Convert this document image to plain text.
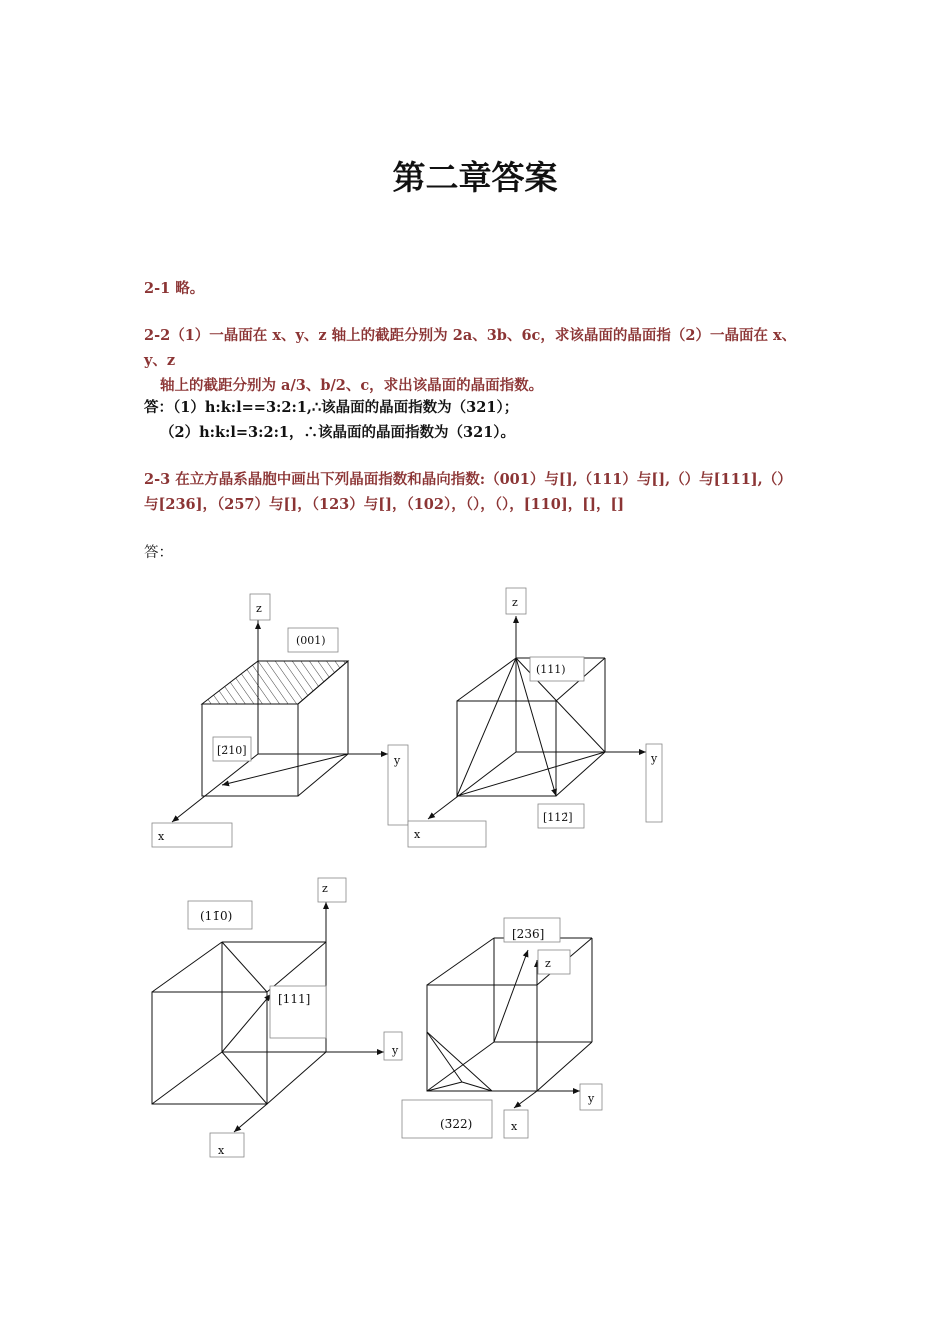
第二章答案

2-1 略。

2-2（1）一晶面在 x、y、z 轴上的截距分别为 2a、3b、6c，求该晶面的晶面指（2）一晶面在 x、y、z
轴上的截距分别为 a/3、b/2、c，求出该晶面的晶面指数。
答：（1）h:k:l==3:2:1,∴该晶面的晶面指数为（321）；
（2）h:k:l=3:2:1，∴该晶面的晶面指数为（321）。
2-3 在立方晶系晶胞中画出下列晶面指数和晶向指数:（001）与[],（111）与[],（）与[111],（）
与[236]，（257）与[]，（123）与[]，（102），（），（），[110]，[]，[]

答：

z
(001)
[2̄10]
y
x
z
(111)
y
[112̄]
x
z
(11̄0)
[111]
y
x
[236]
z
y
x
(3̄22)
